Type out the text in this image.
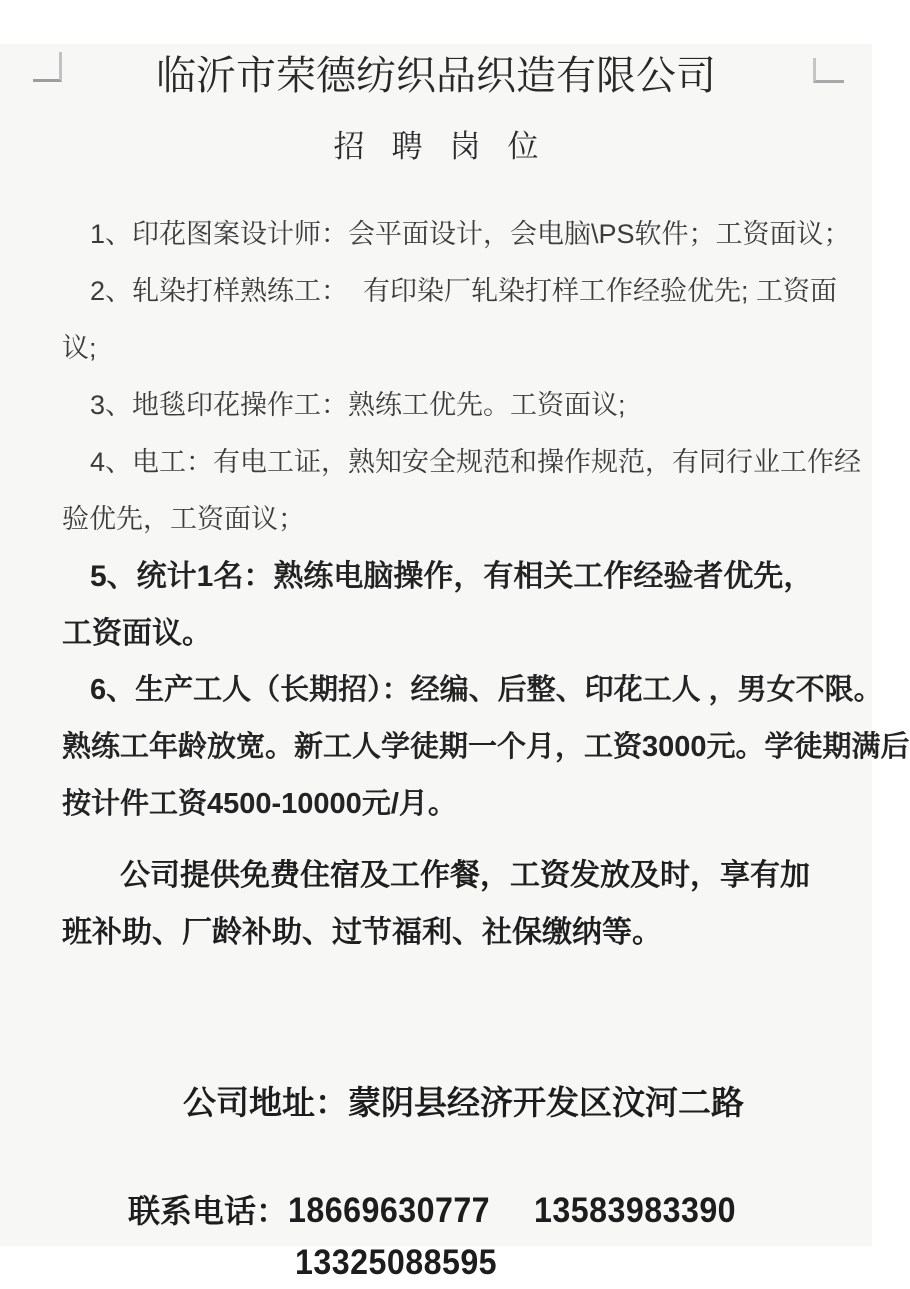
临沂市荣德纺织品织造有限公司
招聘岗位
1、印花图案设计师：会平面设计，会电脑\PS软件；工资面议；
2、轧染打样熟练工：  有印染厂轧染打样工作经验优先; 工资面
议;
3、地毯印花操作工：熟练工优先。工资面议;
4、电工：有电工证，熟知安全规范和操作规范，有同行业工作经
验优先，工资面议；
5、统计1名：熟练电脑操作，有相关工作经验者优先，
工资面议。
6、生产工人（长期招）：经编、后整、印花工人 ，男女不限。
熟练工年龄放宽。新工人学徒期一个月，工资3000元。学徒期满后
按计件工资4500-10000元/月。
公司提供免费住宿及工作餐，工资发放及时，享有加
班补助、厂龄补助、过节福利、社保缴纳等。

公司地址：蒙阴县经济开发区汶河二路

联系电话： 18669630777 13583983390
13325088595
